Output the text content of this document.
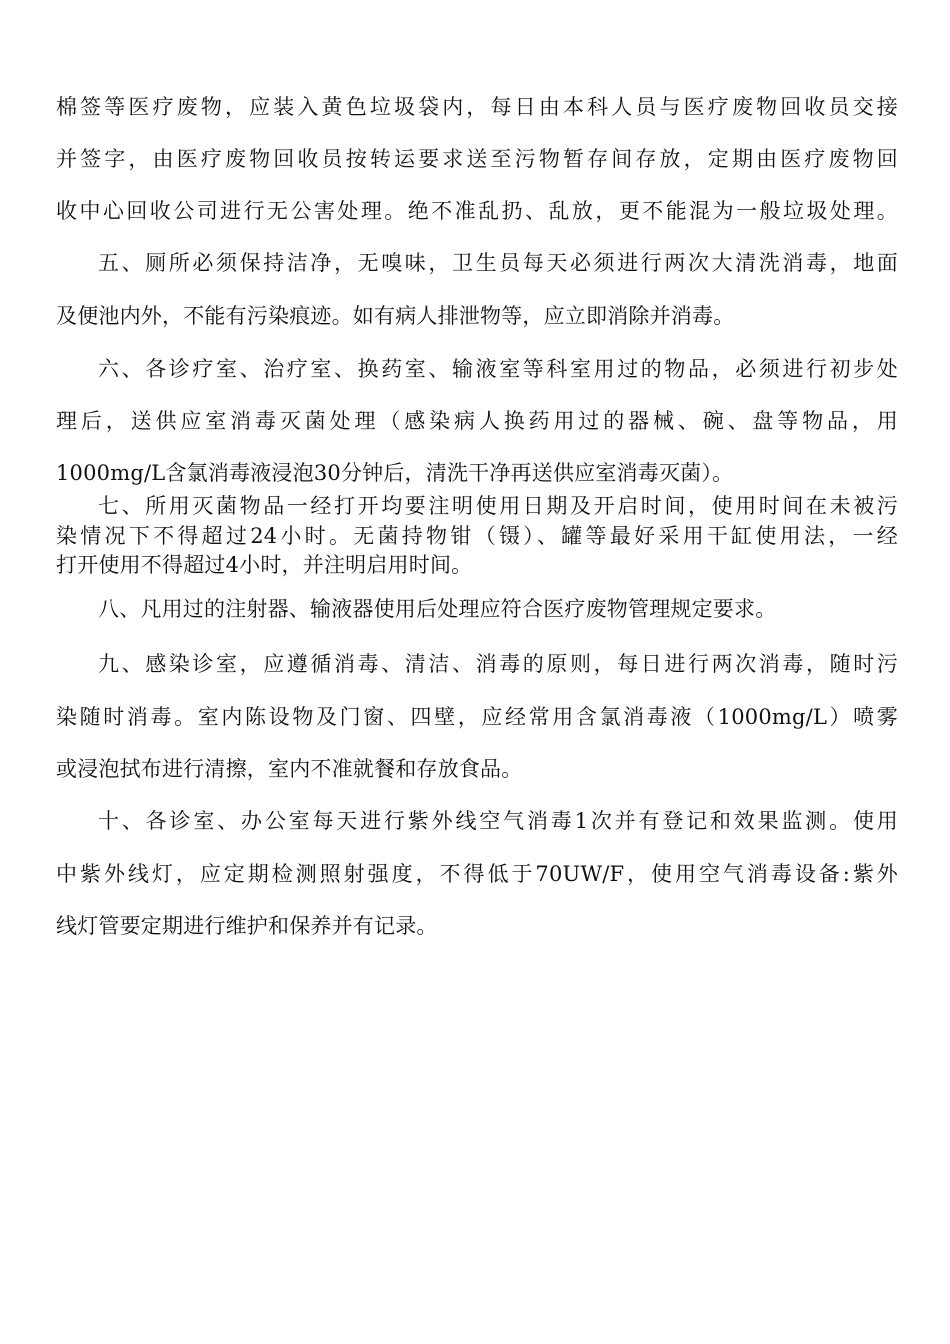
棉签等医疗废物，应装入黄色垃圾袋内，每日由本科人员与医疗废物回收员交接
并签字，由医疗废物回收员按转运要求送至污物暂存间存放，定期由医疗废物回
收中心回收公司进行无公害处理。绝不准乱扔、乱放，更不能混为一般垃圾处理。
五、厕所必须保持洁净，无嗅味，卫生员每天必须进行两次大清洗消毒，地面
及便池内外，不能有污染痕迹。如有病人排泄物等，应立即消除并消毒。
六、各诊疗室、治疗室、换药室、输液室等科室用过的物品，必须进行初步处
理后，送供应室消毒灭菌处理（感染病人换药用过的器械、碗、盘等物品，用
1000mg/L含氯消毒液浸泡30分钟后，清洗干净再送供应室消毒灭菌）。
七、所用灭菌物品一经打开均要注明使用日期及开启时间，使用时间在未被污
染情况下不得超过24小时。无菌持物钳（镊）、罐等最好采用干缸使用法，一经
打开使用不得超过4小时，并注明启用时间。
八、凡用过的注射器、输液器使用后处理应符合医疗废物管理规定要求。
九、感染诊室，应遵循消毒、清洁、消毒的原则，每日进行两次消毒，随时污
染随时消毒。室内陈设物及门窗、四壁，应经常用含氯消毒液（1000mg/L）喷雾
或浸泡拭布进行清擦，室内不准就餐和存放食品。
十、各诊室、办公室每天进行紫外线空气消毒1次并有登记和效果监测。使用
中紫外线灯，应定期检测照射强度，不得低于70UW/F，使用空气消毒设备:紫外
线灯管要定期进行维护和保养并有记录。
